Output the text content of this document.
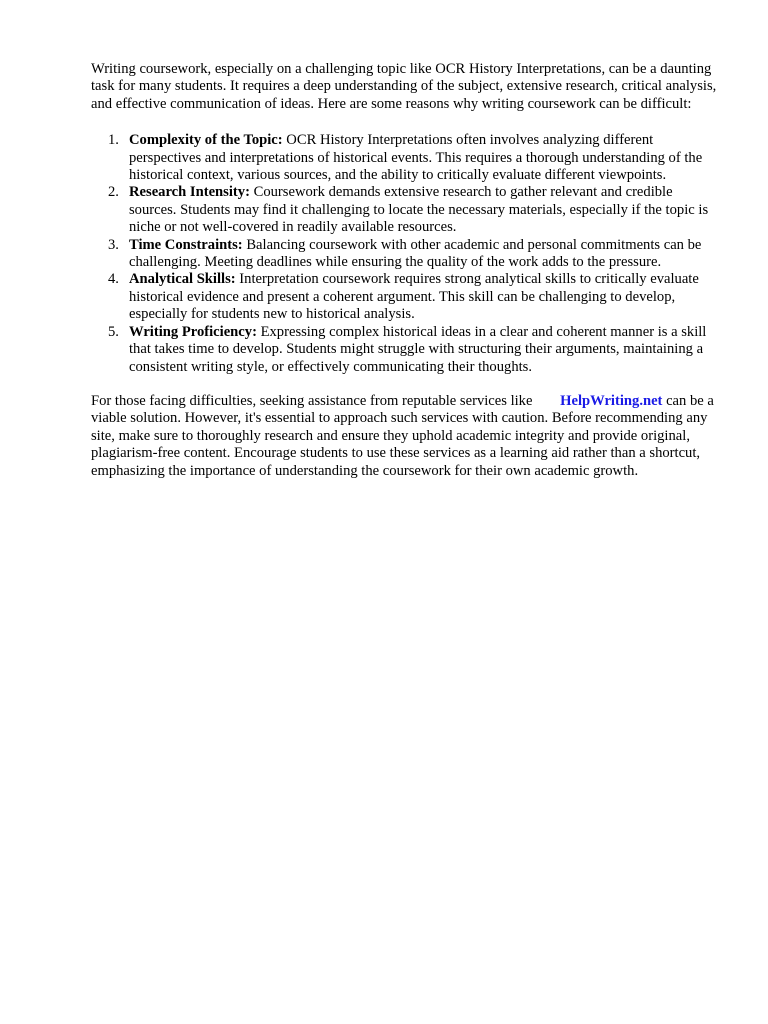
Writing coursework, especially on a challenging topic like OCR History Interpretations, can be a daunting task for many students. It requires a deep understanding of the subject, extensive research, critical analysis, and effective communication of ideas. Here are some reasons why writing coursework can be difficult:

1. Complexity of the Topic: OCR History Interpretations often involves analyzing different perspectives and interpretations of historical events. This requires a thorough understanding of the historical context, various sources, and the ability to critically evaluate different viewpoints.
2. Research Intensity: Coursework demands extensive research to gather relevant and credible sources. Students may find it challenging to locate the necessary materials, especially if the topic is niche or not well-covered in readily available resources.
3. Time Constraints: Balancing coursework with other academic and personal commitments can be challenging. Meeting deadlines while ensuring the quality of the work adds to the pressure.
4. Analytical Skills: Interpretation coursework requires strong analytical skills to critically evaluate historical evidence and present a coherent argument. This skill can be challenging to develop, especially for students new to historical analysis.
5. Writing Proficiency: Expressing complex historical ideas in a clear and coherent manner is a skill that takes time to develop. Students might struggle with structuring their arguments, maintaining a consistent writing style, or effectively communicating their thoughts.

For those facing difficulties, seeking assistance from reputable services like HelpWriting.net can be a viable solution. However, it's essential to approach such services with caution. Before recommending any site, make sure to thoroughly research and ensure they uphold academic integrity and provide original, plagiarism-free content. Encourage students to use these services as a learning aid rather than a shortcut, emphasizing the importance of understanding the coursework for their own academic growth.
